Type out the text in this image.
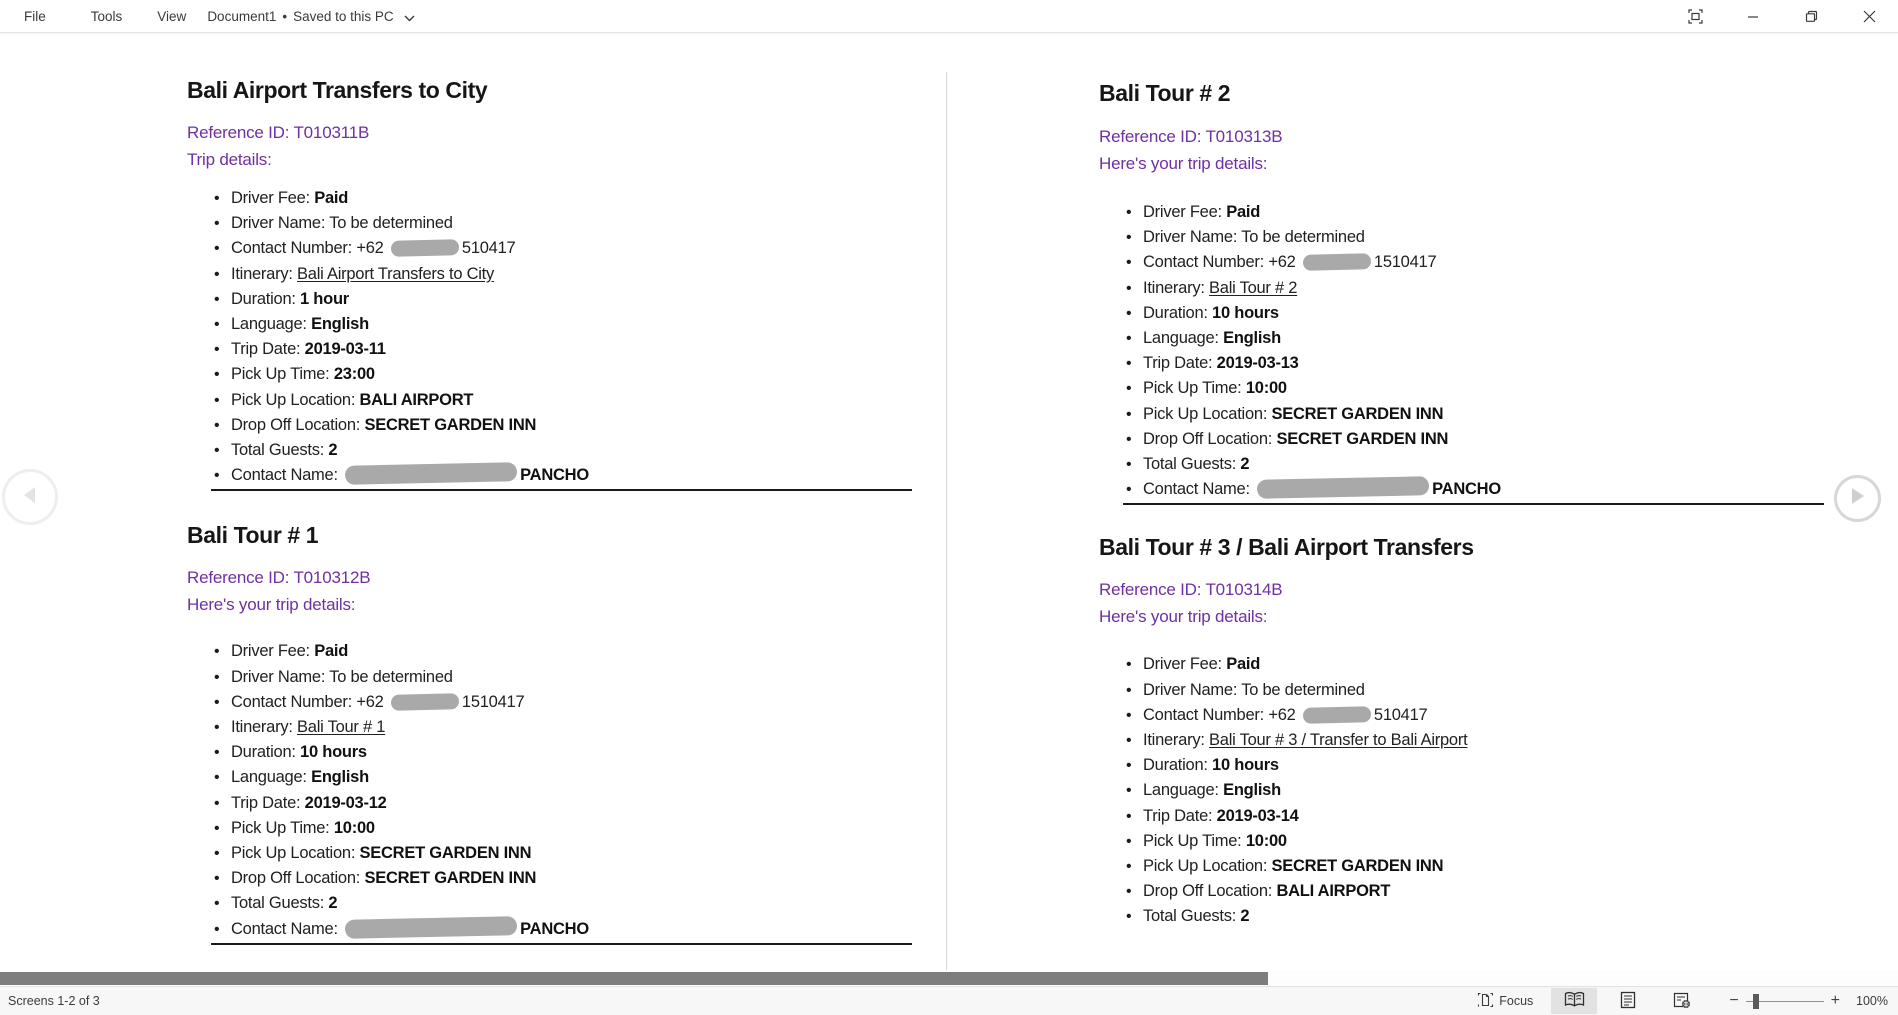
File	Tools	View Document1 • Saved to this PC
Bali Airport Transfers to City
Reference ID: T010311B
Trip details:
• Driver Fee: Paid
• Driver Name: To be determined
• Contact Number: +62	510417
• Itinerary: Bali Airport Transfers to City
• Duration: 1 hour
• Language: English
• Trip Date: 2019-03-11
• Pick Up Time: 23:00
• Pick Up Location: BALI AIRPORT
• Drop Off Location: SECRET GARDEN INN
• Total Guests: 2
• Contact Name:	PANCHO
Bali Tour # 1
Reference ID: T010312B
Here's your trip details:
• Driver Fee: Paid
• Driver Name: To be determined
• Contact Number: +62	1510417
• Itinerary: Bali Tour # 1
• Duration: 10 hours
• Language: English
• Trip Date: 2019-03-12
• Pick Up Time: 10:00
• Pick Up Location: SECRET GARDEN INN
• Drop Off Location: SECRET GARDEN INN
• Total Guests: 2
• Contact Name:	PANCHO
Bali Tour # 2
Reference ID: T010313B
Here's your trip details:
• Driver Fee: Paid
• Driver Name: To be determined
• Contact Number: +62	1510417
• Itinerary: Bali Tour # 2
• Duration: 10 hours
• Language: English
• Trip Date: 2019-03-13
• Pick Up Time: 10:00
• Pick Up Location: SECRET GARDEN INN
• Drop Off Location: SECRET GARDEN INN
• Total Guests: 2
• Contact Name:	PANCHO
Bali Tour # 3 / Bali Airport Transfers
Reference ID: T010314B
Here's your trip details:
• Driver Fee: Paid
• Driver Name: To be determined
• Contact Number: +62	510417
• Itinerary: Bali Tour # 3 / Transfer to Bali Airport
• Duration: 10 hours
• Language: English
• Trip Date: 2019-03-14
• Pick Up Time: 10:00
• Pick Up Location: SECRET GARDEN INN
• Drop Off Location: BALI AIRPORT
• Total Guests: 2
Screens 1-2 of 3	Focus	−	+	100%
